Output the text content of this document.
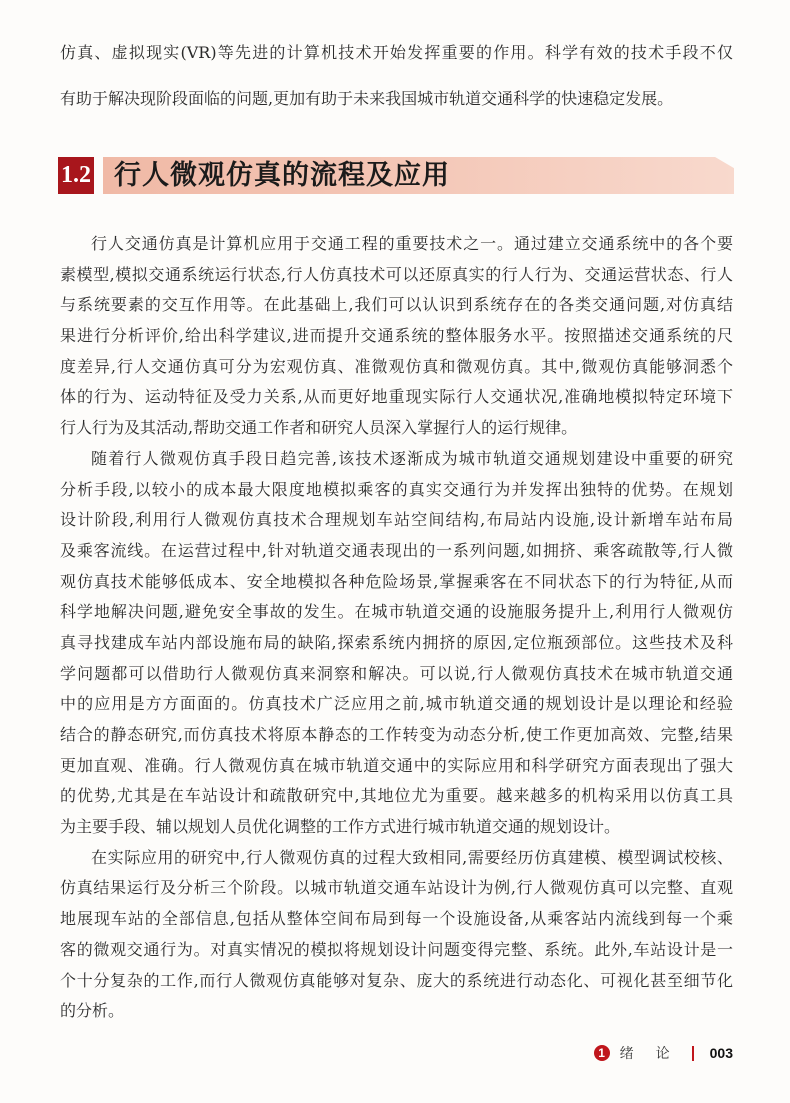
仿真、虚拟现实(VR)等先进的计算机技术开始发挥重要的作用。科学有效的技术手段不仅
有助于解决现阶段面临的问题,更加有助于未来我国城市轨道交通科学的快速稳定发展。
1.2 行人微观仿真的流程及应用
行人交通仿真是计算机应用于交通工程的重要技术之一。通过建立交通系统中的各个要
素模型,模拟交通系统运行状态,行人仿真技术可以还原真实的行人行为、交通运营状态、行人
与系统要素的交互作用等。在此基础上,我们可以认识到系统存在的各类交通问题,对仿真结
果进行分析评价,给出科学建议,进而提升交通系统的整体服务水平。按照描述交通系统的尺
度差异,行人交通仿真可分为宏观仿真、准微观仿真和微观仿真。其中,微观仿真能够洞悉个
体的行为、运动特征及受力关系,从而更好地重现实际行人交通状况,准确地模拟特定环境下
行人行为及其活动,帮助交通工作者和研究人员深入掌握行人的运行规律。
随着行人微观仿真手段日趋完善,该技术逐渐成为城市轨道交通规划建设中重要的研究
分析手段,以较小的成本最大限度地模拟乘客的真实交通行为并发挥出独特的优势。在规划
设计阶段,利用行人微观仿真技术合理规划车站空间结构,布局站内设施,设计新增车站布局
及乘客流线。在运营过程中,针对轨道交通表现出的一系列问题,如拥挤、乘客疏散等,行人微
观仿真技术能够低成本、安全地模拟各种危险场景,掌握乘客在不同状态下的行为特征,从而
科学地解决问题,避免安全事故的发生。在城市轨道交通的设施服务提升上,利用行人微观仿
真寻找建成车站内部设施布局的缺陷,探索系统内拥挤的原因,定位瓶颈部位。这些技术及科
学问题都可以借助行人微观仿真来洞察和解决。可以说,行人微观仿真技术在城市轨道交通
中的应用是方方面面的。仿真技术广泛应用之前,城市轨道交通的规划设计是以理论和经验
结合的静态研究,而仿真技术将原本静态的工作转变为动态分析,使工作更加高效、完整,结果
更加直观、准确。行人微观仿真在城市轨道交通中的实际应用和科学研究方面表现出了强大
的优势,尤其是在车站设计和疏散研究中,其地位尤为重要。越来越多的机构采用以仿真工具
为主要手段、辅以规划人员优化调整的工作方式进行城市轨道交通的规划设计。
在实际应用的研究中,行人微观仿真的过程大致相同,需要经历仿真建模、模型调试校核、
仿真结果运行及分析三个阶段。以城市轨道交通车站设计为例,行人微观仿真可以完整、直观
地展现车站的全部信息,包括从整体空间布局到每一个设施设备,从乘客站内流线到每一个乘
客的微观交通行为。对真实情况的模拟将规划设计问题变得完整、系统。此外,车站设计是一
个十分复杂的工作,而行人微观仿真能够对复杂、庞大的系统进行动态化、可视化甚至细节化
的分析。
1	绪论 003
